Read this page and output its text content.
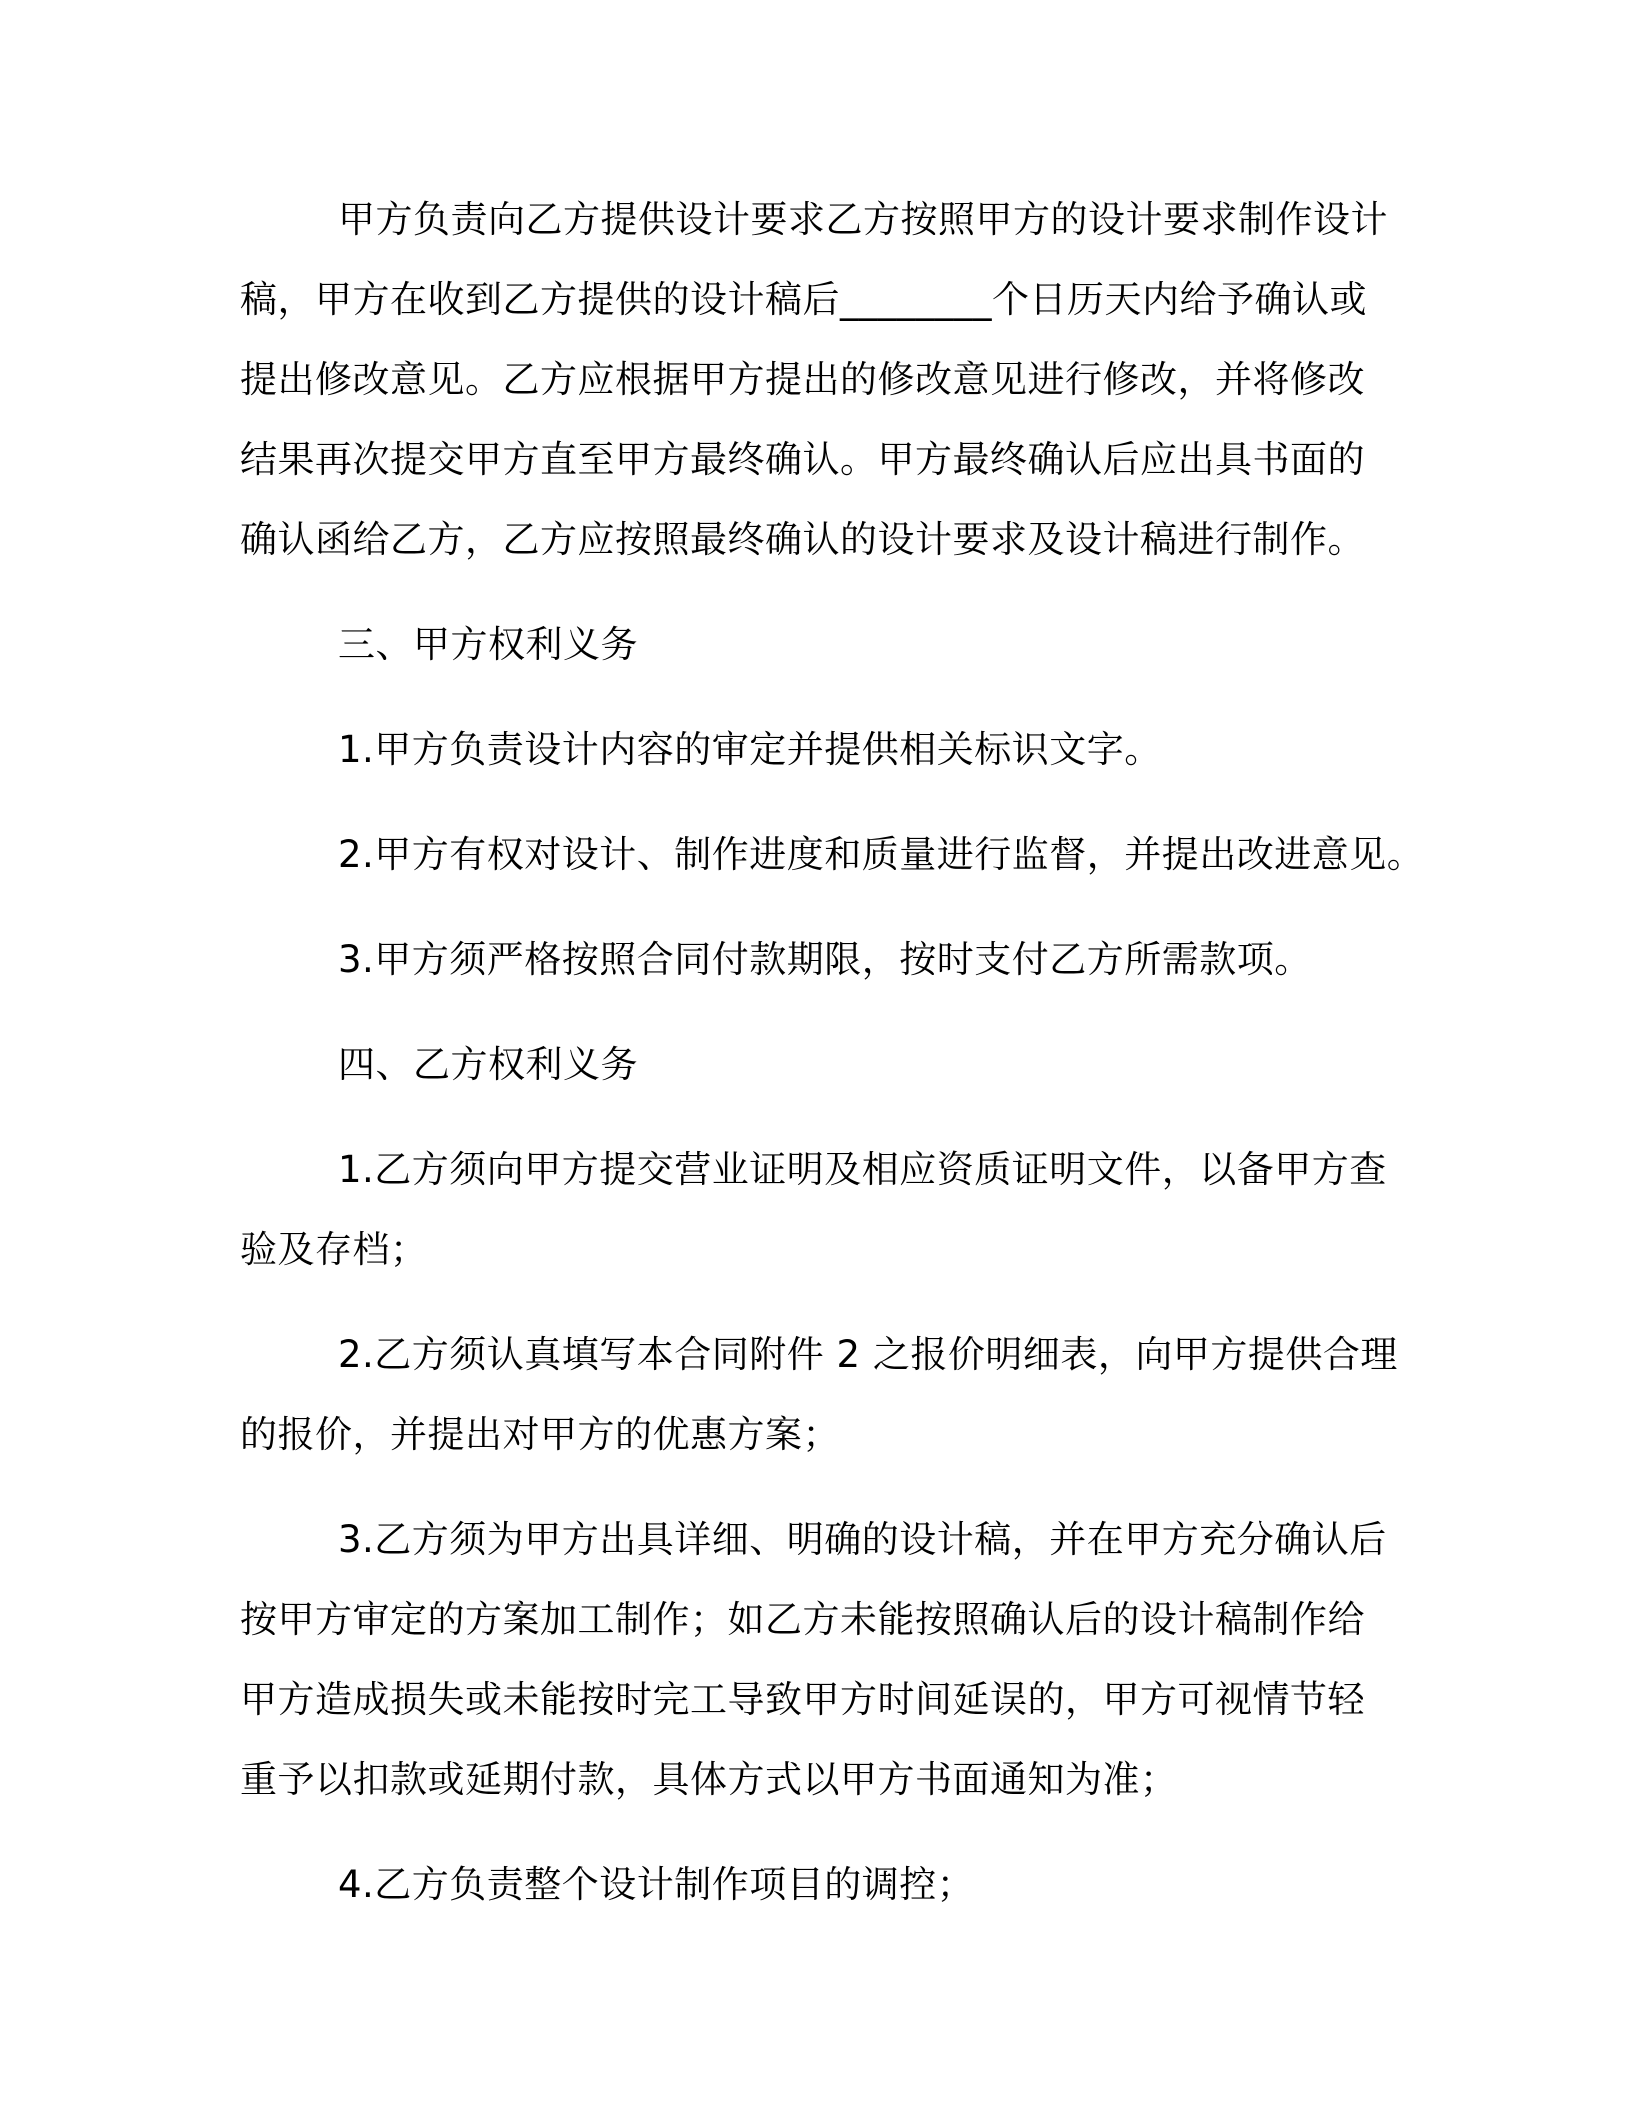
甲方负责向乙方提供设计要求乙方按照甲方的设计要求制作设计
稿，甲方在收到乙方提供的设计稿后________个日历天内给予确认或
提出修改意见。乙方应根据甲方提出的修改意见进行修改，并将修改
结果再次提交甲方直至甲方最终确认。甲方最终确认后应出具书面的
确认函给乙方，乙方应按照最终确认的设计要求及设计稿进行制作。

三、甲方权利义务

1.甲方负责设计内容的审定并提供相关标识文字。

2.甲方有权对设计、制作进度和质量进行监督，并提出改进意见。

3.甲方须严格按照合同付款期限，按时支付乙方所需款项。

四、乙方权利义务

1.乙方须向甲方提交营业证明及相应资质证明文件，以备甲方查
验及存档；

2.乙方须认真填写本合同附件 2 之报价明细表，向甲方提供合理
的报价，并提出对甲方的优惠方案；

3.乙方须为甲方出具详细、明确的设计稿，并在甲方充分确认后
按甲方审定的方案加工制作；如乙方未能按照确认后的设计稿制作给
甲方造成损失或未能按时完工导致甲方时间延误的，甲方可视情节轻
重予以扣款或延期付款，具体方式以甲方书面通知为准；

4.乙方负责整个设计制作项目的调控；
